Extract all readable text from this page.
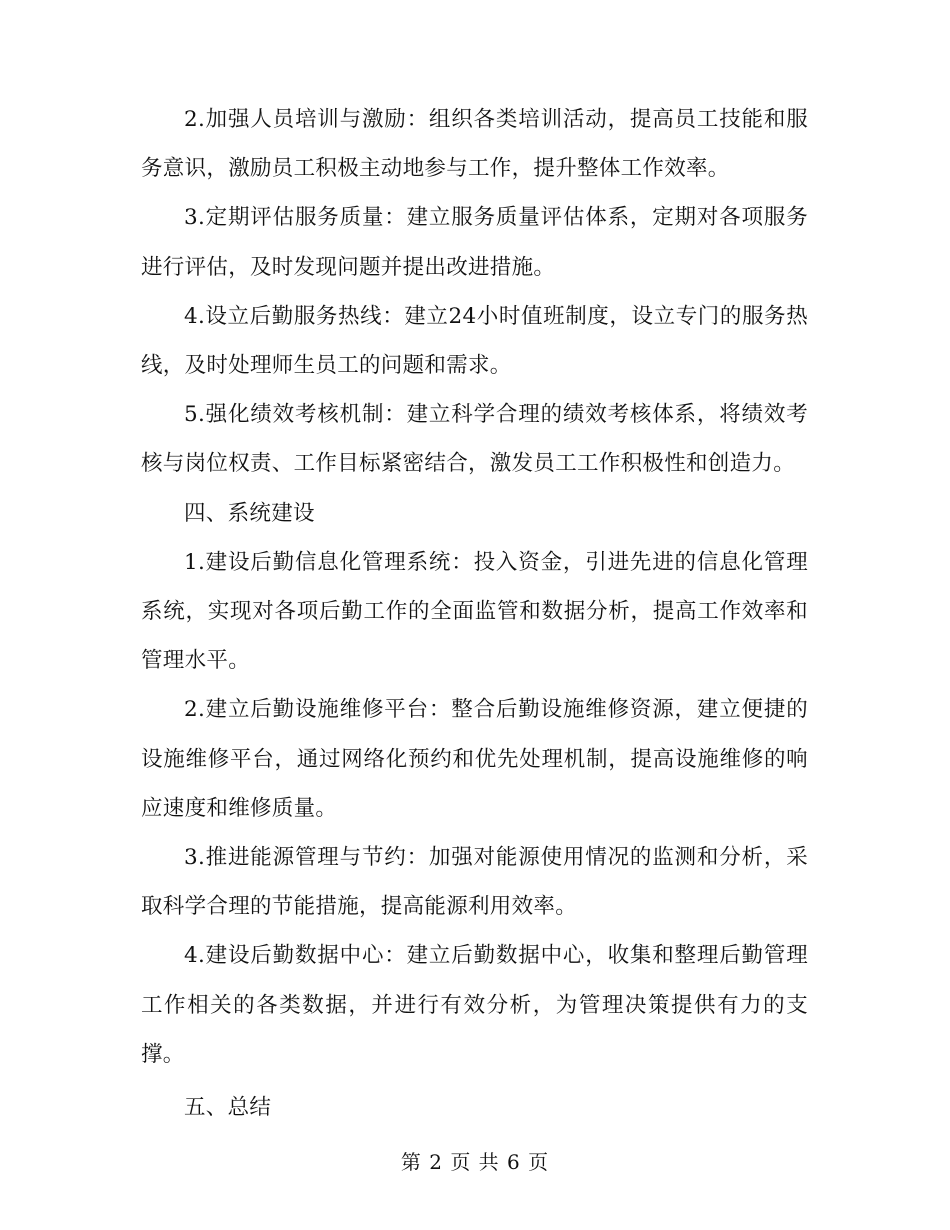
2.加强人员培训与激励：组织各类培训活动，提高员工技能和服务意识，激励员工积极主动地参与工作，提升整体工作效率。

3.定期评估服务质量：建立服务质量评估体系，定期对各项服务进行评估，及时发现问题并提出改进措施。

4.设立后勤服务热线：建立24小时值班制度，设立专门的服务热线，及时处理师生员工的问题和需求。

5.强化绩效考核机制：建立科学合理的绩效考核体系，将绩效考核与岗位权责、工作目标紧密结合，激发员工工作积极性和创造力。

四、系统建设

1.建设后勤信息化管理系统：投入资金，引进先进的信息化管理系统，实现对各项后勤工作的全面监管和数据分析，提高工作效率和管理水平。

2.建立后勤设施维修平台：整合后勤设施维修资源，建立便捷的设施维修平台，通过网络化预约和优先处理机制，提高设施维修的响应速度和维修质量。

3.推进能源管理与节约：加强对能源使用情况的监测和分析，采取科学合理的节能措施，提高能源利用效率。

4.建设后勤数据中心：建立后勤数据中心，收集和整理后勤管理工作相关的各类数据，并进行有效分析，为管理决策提供有力的支撑。

五、总结

第 2 页 共 6 页
